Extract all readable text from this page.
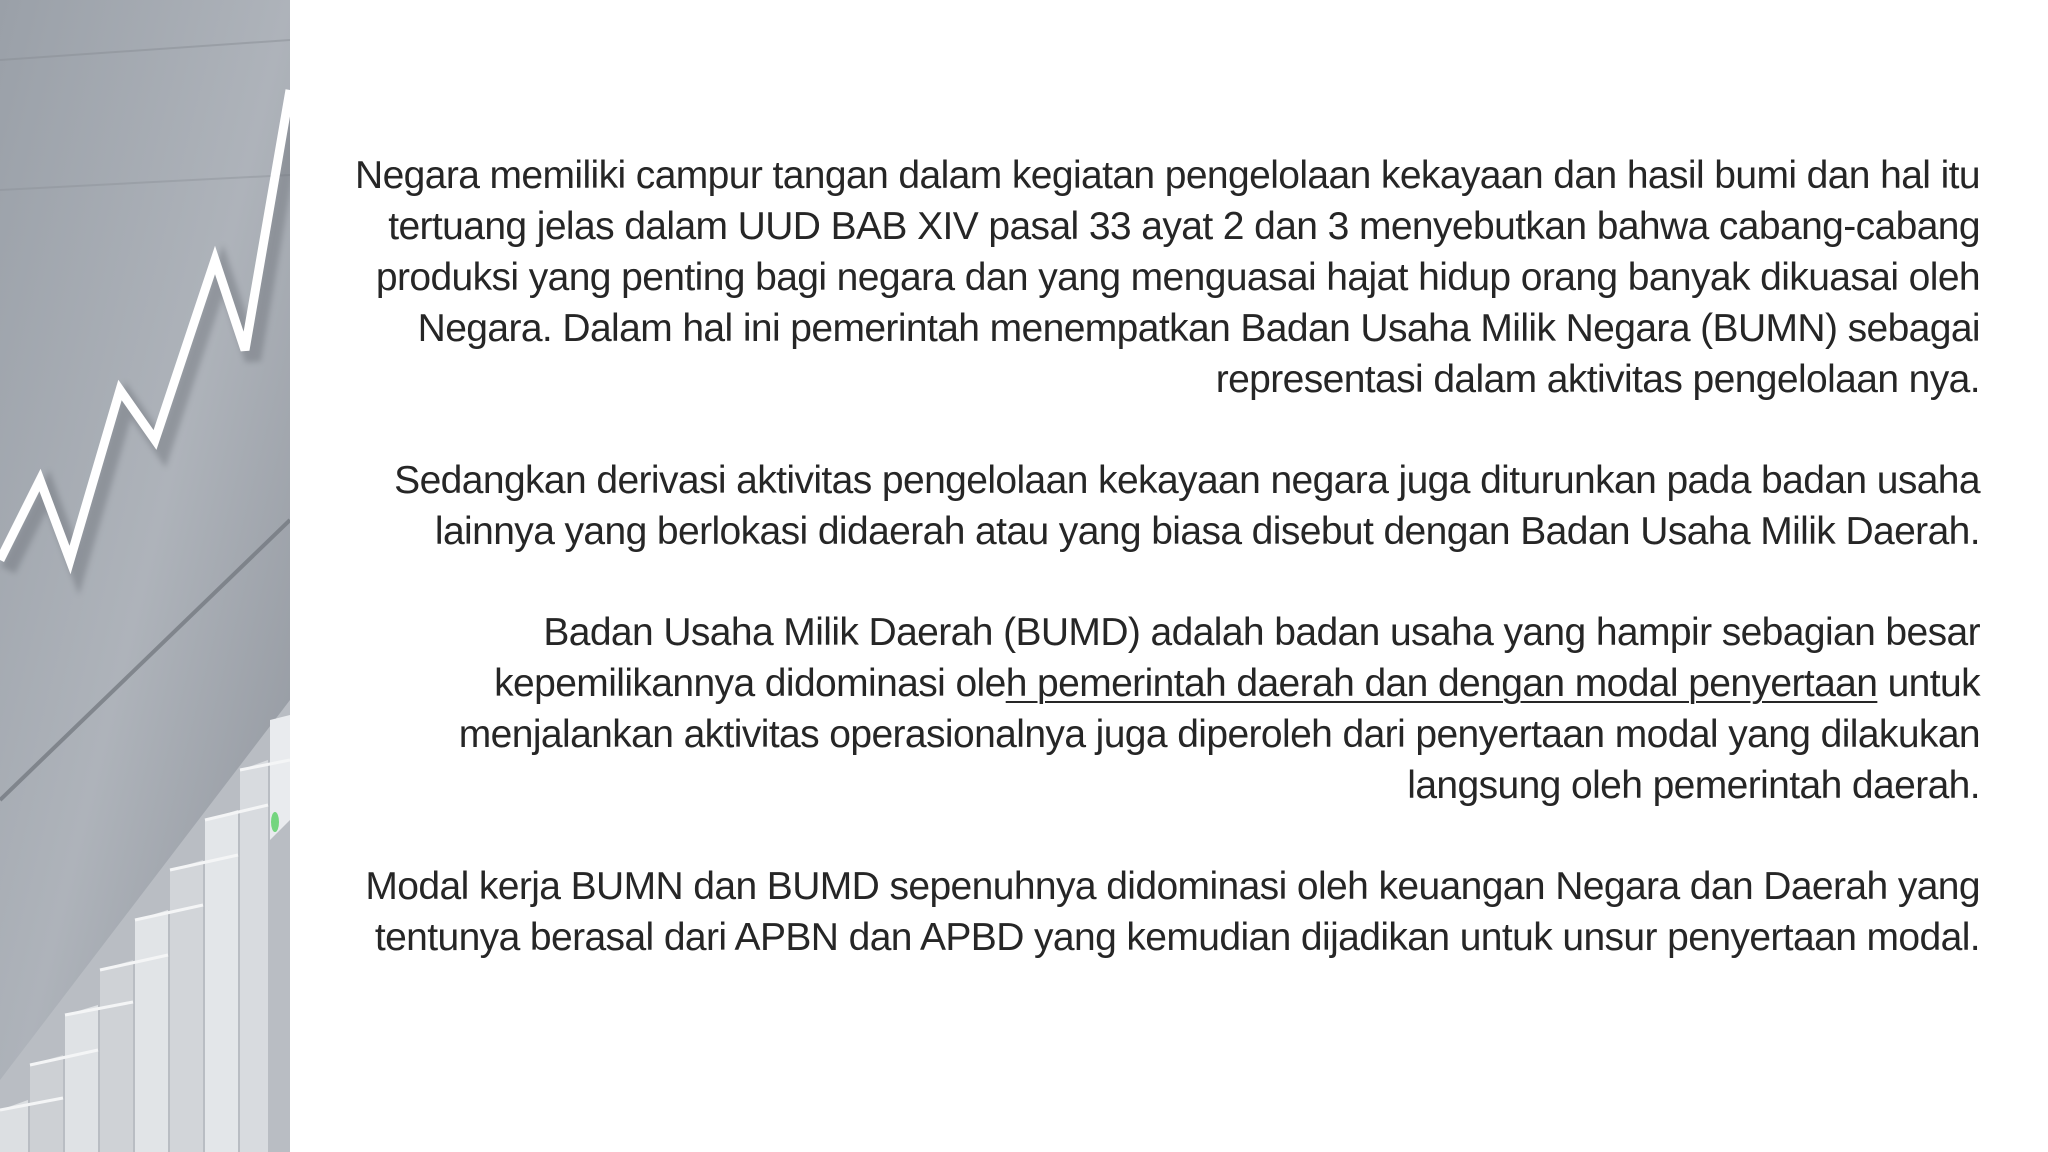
Negara memiliki campur tangan dalam kegiatan pengelolaan kekayaan dan hasil bumi dan hal itu tertuang jelas dalam UUD BAB XIV pasal 33 ayat 2 dan 3 menyebutkan bahwa cabang-cabang produksi yang penting bagi negara dan yang menguasai hajat hidup orang banyak dikuasai oleh Negara. Dalam hal ini pemerintah menempatkan Badan Usaha Milik Negara (BUMN) sebagai representasi dalam aktivitas pengelolaan nya.

Sedangkan derivasi aktivitas pengelolaan kekayaan negara juga diturunkan pada badan usaha lainnya yang berlokasi didaerah atau yang biasa disebut dengan Badan Usaha Milik Daerah.

Badan Usaha Milik Daerah (BUMD) adalah badan usaha yang hampir sebagian besar kepemilikannya didominasi oleh pemerintah daerah dan dengan modal penyertaan untuk menjalankan aktivitas operasionalnya juga diperoleh dari penyertaan modal yang dilakukan langsung oleh pemerintah daerah.

Modal kerja BUMN dan BUMD sepenuhnya didominasi oleh keuangan Negara dan Daerah yang tentunya berasal dari APBN dan APBD yang kemudian dijadikan untuk unsur penyertaan modal.
